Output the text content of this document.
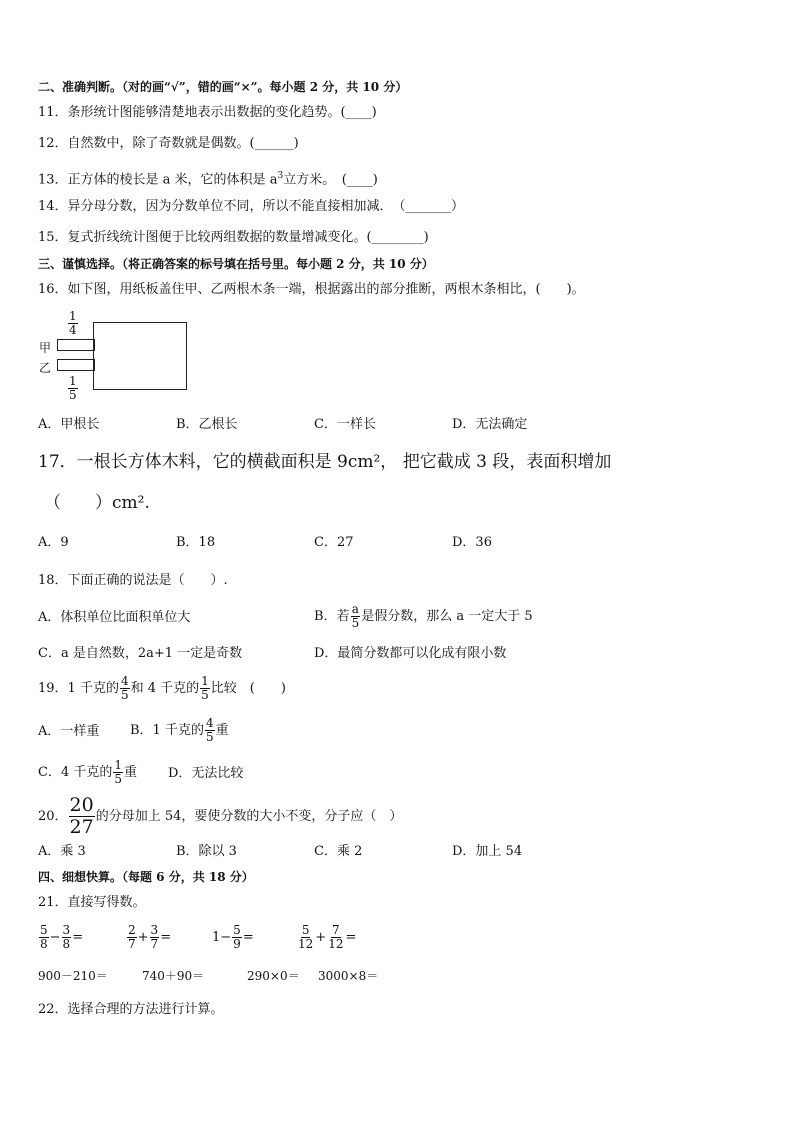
二、准确判断。（对的画“√”，错的画“×”。每小题 2 分，共 10 分）
11．条形统计图能够清楚地表示出数据的变化趋势。(____)
12．自然数中，除了奇数就是偶数。(______)
13．正方体的棱长是 a 米，它的体积是 $a^3$立方米。　(____)
14．异分母分数，因为分数单位不同，所以不能直接相加减．　（_______）
15．复式折线统计图便于比较两组数据的数量增减变化。(________)
三、谨慎选择。（将正确答案的标号填在括号里。每小题 2 分，共 10 分）
16．如下图，用纸板盖住甲、乙两根木条一端，根据露出的部分推断，两根木条相比，(　　)。
甲
乙
$\frac{1}{4}$
$\frac{1}{5}$
A．甲根长	B．乙根长	C．一样长	D．无法确定
17．一根长方体木料，它的横截面积是 9cm²， 把它截成 3 段，表面积增加
（　　）cm².
A．9	B．18	C．27	D．36
18．下面正确的说法是（　　）.
A．体积单位比面积单位大	B．若 $\frac{a}{5}$ 是假分数，那么 a 一定大于 5
C．a 是自然数，2a+1 一定是奇数	D．最简分数都可以化成有限小数
19．1 千克的 $\frac{4}{5}$ 和 4 千克的 $\frac{1}{5}$ 比较　(　　)
A．一样重 B．1 千克的 $\frac{4}{5}$ 重
C．4 千克的 $\frac{1}{5}$ 重 D．无法比较
20． $\frac{20}{27}$ 的分母加上 54，要使分数的大小不变，分子应（　）
A．乘 3	B．除以 3	C．乘 2	D．加上 54
四、细想快算。（每题 6 分，共 18 分）
21．直接写得数。
$\frac{5}{8} - \frac{3}{8}$ =	$\frac{2}{7} + \frac{3}{7}$ =	$1- \frac{5}{9}$ =	$\frac{5}{12} + \frac{7}{12}$ =
900－210＝	740＋90＝	290×0＝ 3000×8＝
22．选择合理的方法进行计算。
